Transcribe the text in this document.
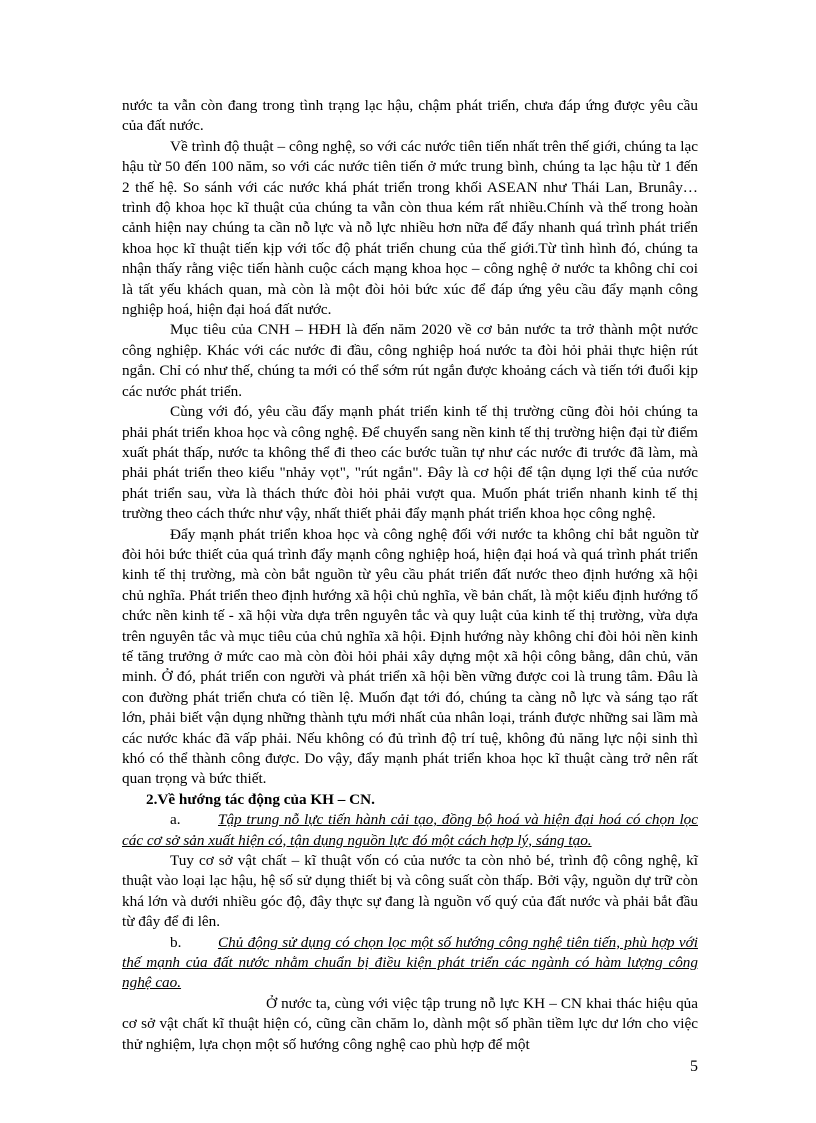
nước ta vẫn còn đang trong tình trạng lạc hậu, chậm phát triển, chưa đáp ứng được yêu cầu của đất nước.

Về trình độ thuật – công nghệ, so với các nước tiên tiến nhất trên thế giới, chúng ta lạc hậu từ 50 đến 100 năm, so với các nước tiên tiến ở mức trung bình, chúng ta lạc hậu từ 1 đến 2 thế hệ. So sánh với các nước khá phát triển trong khối ASEAN như Thái Lan, Brunây… trình độ khoa học kĩ thuật của chúng ta vẫn còn thua kém rất nhiều.Chính và thế trong hoàn cảnh hiện nay chúng ta cần nỗ lực và nỗ lực nhiều hơn nữa để đẩy nhanh quá trình phát triển khoa học kĩ thuật tiến kịp với tốc độ phát triển chung của thế giới.Từ tình hình đó, chúng ta nhận thấy rằng việc tiến hành cuộc cách mạng khoa học – công nghệ ở nước ta không chỉ coi là tất yếu khách quan, mà còn là một đòi hỏi bức xúc để đáp ứng yêu cầu đẩy mạnh công nghiệp hoá, hiện đại hoá đất nước.

Mục tiêu của CNH – HĐH là đến năm 2020 về cơ bản nước ta trở thành một nước công nghiệp. Khác với các nước đi đầu, công nghiệp hoá nước ta đòi hỏi phải thực hiện rút ngắn. Chỉ có như thế, chúng ta mới có thể sớm rút ngắn được khoảng cách và tiến tới đuổi kịp các nước phát triển.

Cùng với đó, yêu cầu đẩy mạnh phát triển kinh tế thị trường cũng đòi hỏi chúng ta phải phát triển khoa học và công nghệ. Để chuyển sang nền kinh tế thị trường hiện đại từ điểm xuất phát thấp, nước ta không thể đi theo các bước tuần tự như các nước đi trước đã làm, mà phải phát triển theo kiểu "nhảy vọt", "rút ngắn". Đây là cơ hội để tận dụng lợi thế của nước phát triển sau, vừa là thách thức đòi hỏi phải vượt qua. Muốn phát triển nhanh kinh tế thị trường theo cách thức như vậy, nhất thiết phải đẩy mạnh phát triển khoa học công nghệ.

Đẩy mạnh phát triển khoa học và công nghệ đối với nước ta không chỉ bắt nguồn từ đòi hỏi bức thiết của quá trình đẩy mạnh công nghiệp hoá, hiện đại hoá và quá trình phát triển kinh tế thị trường, mà còn bắt nguồn từ yêu cầu phát triển đất nước theo định hướng xã hội chủ nghĩa. Phát triển theo định hướng xã hội chủ nghĩa, về bản chất, là một kiểu định hướng tổ chức nền kinh tế - xã hội vừa dựa trên nguyên tắc và quy luật của kinh tế thị trường, vừa dựa trên nguyên tắc và mục tiêu của chủ nghĩa xã hội. Định hướng này không chỉ đòi hỏi nền kinh tế tăng trưởng ở mức cao mà còn đòi hỏi phải xây dựng một xã hội công bằng, dân chủ, văn minh. Ở đó, phát triển con người và phát triển xã hội bền vững được coi là trung tâm. Đâu là con đường phát triển chưa có tiền lệ. Muốn đạt tới đó, chúng ta càng nỗ lực và sáng tạo rất lớn, phải biết vận dụng những thành tựu mới nhất của nhân loại, tránh được những sai lầm mà các nước khác đã vấp phải. Nếu không có đủ trình độ trí tuệ, không đủ năng lực nội sinh thì khó có thể thành công được. Do vậy, đẩy mạnh phát triển khoa học kĩ thuật càng trở nên rất quan trọng và bức thiết.

2.Về hướng tác động của KH – CN.

a. Tập trung nỗ lực tiến hành cải tạo, đồng bộ hoá và hiện đại hoá có chọn lọc các cơ sở sản xuất hiện có, tận dụng nguồn lực đó một cách hợp lý, sáng tạo.

Tuy cơ sở vật chất – kĩ thuật vốn có của nước ta còn nhỏ bé, trình độ công nghệ, kĩ thuật vào loại lạc hậu, hệ số sử dụng thiết bị và công suất còn thấp. Bởi vậy, nguồn dự trữ còn khá lớn và dưới nhiều góc độ, đây thực sự đang là nguồn vố quý của đất nước và phải bắt đầu từ đây để đi lên.

b. Chủ động sử dụng có chọn lọc một số hướng công nghệ tiên tiến, phù hợp với thế mạnh của đất nước nhằm chuẩn bị điều kiện phát triển các ngành có hàm lượng công nghệ cao.

Ở nước ta, cùng với việc tập trung nỗ lực KH – CN khai thác hiệu qủa cơ sở vật chất kĩ thuật hiện có, cũng cần chăm lo, dành một số phần tiềm lực dư lớn cho việc thử nghiệm, lựa chọn một số hướng công nghệ cao phù hợp để một

5
